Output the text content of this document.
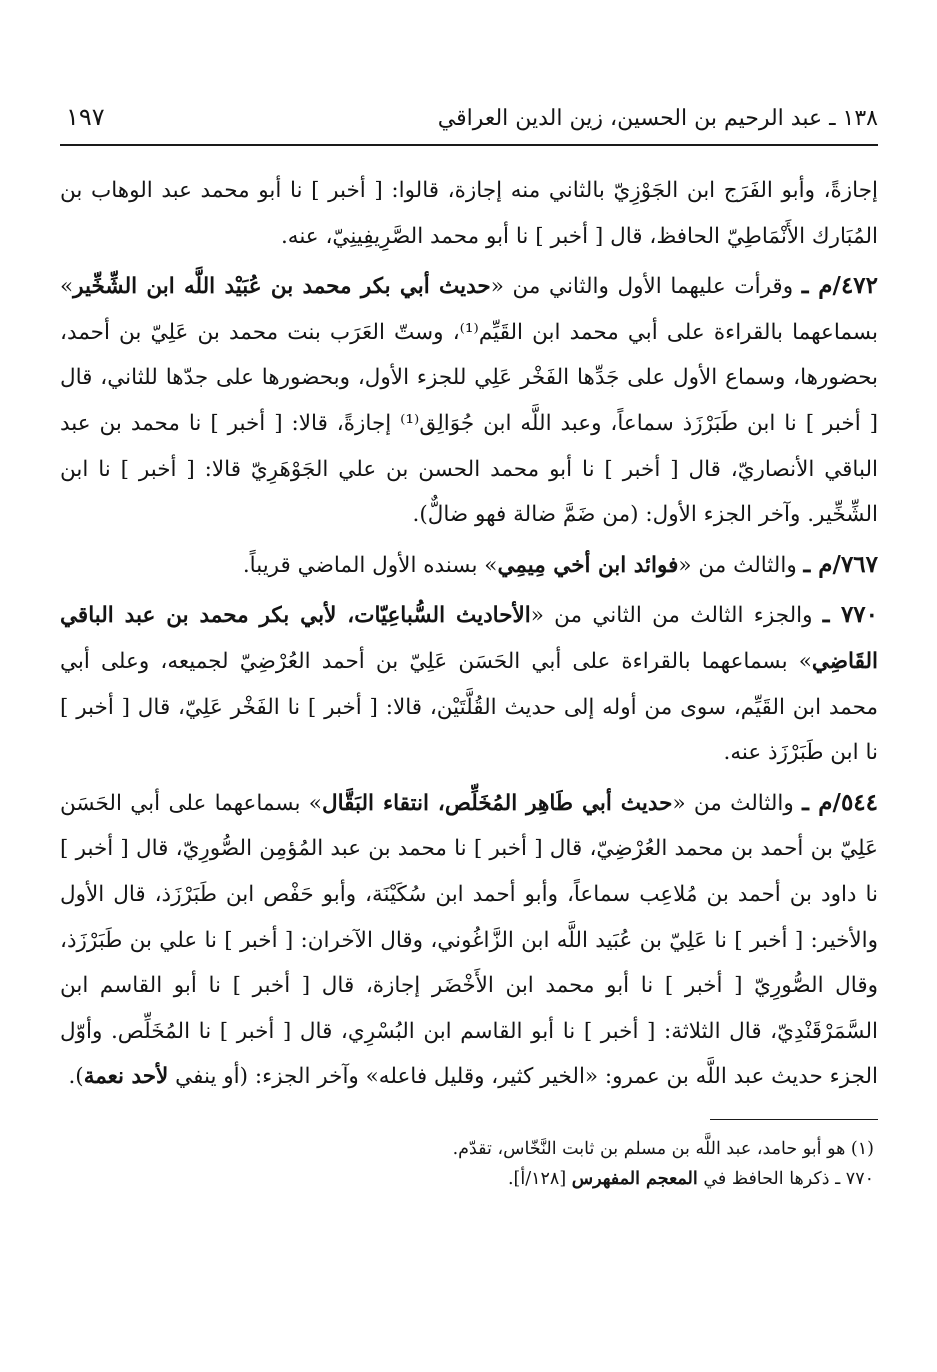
١٣٨ ـ عبد الرحيم بن الحسين، زين الدين العراقي
١٩٧

إجازةً، وأبو الفَرَج ابن الجَوْزِيّ بالثاني منه إجازة، قالوا: [ أخبر ] نا أبو محمد عبد الوهاب بن المُبَارك الأَنْمَاطِيّ الحافظ، قال [ أخبر ] نا أبو محمد الصَّرِيفِينِيّ، عنه.

٤٧٢/م ـ وقرأت عليهما الأول والثاني من «حديث أبي بكر محمد بن عُبَيْد اللَّه ابن الشِّخِّير» بسماعهما بالقراءة على أبي محمد ابن القَيِّم⁽¹⁾، وستّ العَرَب بنت محمد بن عَلِيّ بن أحمد، بحضورها، وسماع الأول على جَدِّها الفَخْر عَلِي للجزء الأول، وبحضورها على جدّها للثاني، قال [ أخبر ] نا ابن طَبَرْزَذ سماعاً، وعبد اللَّه ابن جُوَالِق⁽¹⁾ إجازةً، قالا: [ أخبر ] نا محمد بن عبد الباقي الأنصاريّ، قال [ أخبر ] نا أبو محمد الحسن بن علي الجَوْهَرِيّ قالا: [ أخبر ] نا ابن الشِّخِّير. وآخر الجزء الأول: (من ضَمَّ ضالة فهو ضالٌّ).

٧٦٧/م ـ والثالث من «فوائد ابن أخي مِيمِي» بسنده الأول الماضي قريباً.

٧٧٠ ـ والجزء الثالث من الثاني من «الأحاديث السُّباعِيّات، لأبي بكر محمد بن عبد الباقي القَاضِي» بسماعهما بالقراءة على أبي الحَسَن عَلِيّ بن أحمد العُرْضِيّ لجميعه، وعلى أبي محمد ابن القَيِّم، سوى من أوله إلى حديث القُلَّتَيْن، قالا: [ أخبر ] نا الفَخْر عَلِيّ، قال [ أخبر ] نا ابن طَبَرْزَذ عنه.

٥٤٤/م ـ والثالث من «حديث أبي طَاهِر المُخَلِّص، انتقاء البَقَّال» بسماعهما على أبي الحَسَن عَلِيّ بن أحمد بن محمد العُرْضِيّ، قال [ أخبر ] نا محمد بن عبد المُؤمِن الصُّورِيّ، قال [ أخبر ] نا داود بن أحمد بن مُلاعِب سماعاً، وأبو أحمد ابن سُكَيْنَة، وأبو حَفْص ابن طَبَرْزَذ، قال الأول والأخير: [ أخبر ] نا عَلِيّ بن عُبَيد اللَّه ابن الزَّاغُوني، وقال الآخران: [ أخبر ] نا علي بن طَبَرْزَذ، وقال الصُّورِيّ [ أخبر ] نا أبو محمد ابن الأَخْضَر إجازة، قال [ أخبر ] نا أبو القاسم ابن السَّمَرْقَنْدِيّ، قال الثلاثة: [ أخبر ] نا أبو القاسم ابن البُسْرِي، قال [ أخبر ] نا المُخَلِّص. وأوّل الجزء حديث عبد اللَّه بن عمرو: «الخير كثير، وقليل فاعله» وآخر الجزء: (أو ينفي لأحد نعمة).

(١) هو أبو حامد، عبد اللَّه بن مسلم بن ثابت النَّخّاس، تقدّم.

٧٧٠ ـ ذكرها الحافظ في المعجم المفهرس [١٢٨/أ].
